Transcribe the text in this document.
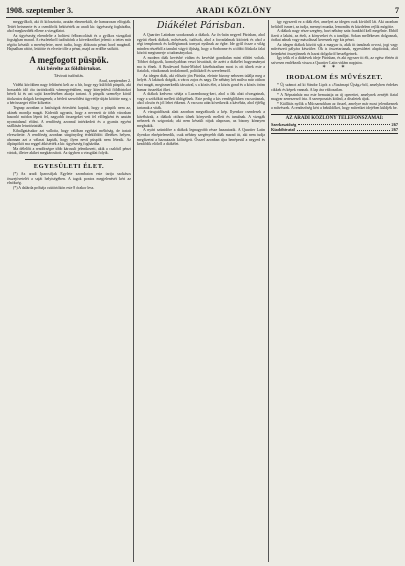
1908. szeptember 3.	ARADI KÖZLÖNY	7

meggyilkolt, aki őt kifosztotta, azután elmenekült, de hamarosan elfogták. Tettét beismerte és a csendőrök bekísérték az aradi kir. ügyészség fogházába, ahol megkezdték ellene a vizsgálatot.

Az ügyészség elrendelte a holttest felboncolását és a gyilkos vizsgálati fogságban marad. A részletekről tudósítónk a következőket jelenti: a tettes már régóta készült a merényletre, mert tudta, hogy áldozata pénzt hord magánál. Hajnalban rátört, leütötte és elvette tőle a pénzt, majd az erdőbe szökött.

A megfogott püspök.
Aki bérelte az földbirtokot.
Távirati tudósítás.
Arad, szeptember 2.

Vidéki körökben nagy feltűnést kelt az a hír, hogy egy külföldi püspök, aki hosszabb idő óta tartózkodik vármegyénkben, nagy kiterjedésű földbirtokot bérelt ki és azt saját kezelésében akarja tartani. A püspök személye körül titokzatos dolgok keringenek; a bérleti szerződést ügyvédje útján kötötte meg, s a bérösszeget előre kifizette.

Tegnap azonban a hatóságok értesítést kaptak, hogy a püspök nem az, akinek mondja magát. Kiderült ugyanis, hogy a nevezett úr több városban hasonló módon lépett fel, nagyobb összegeket vett fel előlegként és azután nyomtalanul eltűnt. A rendőrség azonnal intézkedett és a gyanús egyént szállásán letartóztatták.

Kihallgatásakor azt vallotta, hogy valóban egyházi méltóság, de iratait elveszítette. A rendőrség azonban sürgönyileg érdeklődött illetékes helyen, ahonnan azt a választ kapták, hogy ilyen nevű püspök nem létezik. Az álpüspököt ma reggel átkísérték a kir. ügyészség fogházába.

Ma délelőtt a rendőrségre több károsult jelentkezett, akik a csalótól pénzt vártak, illetve akiket megkárosított. Az ügyben a vizsgálat folyik.

EGYESÜLETI ÉLET.

(*) Az aradi Iparosifjak Egylete szombaton este tartja szokásos összejövetelét a saját helyiségében. A tagok pontos megjelenését kéri az elnökség.

(*) A dalárda próbája csütörtökön este 8 órakor lesz.

Diákélet Párisban.

A Quartier Latinban sorakoznak a diákok. Az ős-latin negyed Párisban, ahol együtt élnek diákok, művészek, tudósok, ahol a forradalmak kitörtek és ahol a régi templomok és kollégiumok tornyai nyúlnak az égbe. Ide gyűl össze a világ minden részéből a tanulni vágyó ifjúság, hogy a Sorbonne és a többi főiskola falai között megismerje a tudományokat.

A modern diák kevésbé vidám és kevésbé gondtalan mint elődei voltak. Többet dolgozik, komolyabban veszi hivatását, de azért a diákélet hagyományai ma is élnek. A Boulevard Saint-Michel kávéházaiban most is ott ülnek este a fiatalok, vitatkoznak irodalomról, politikáról és szerelemről.

Az idegen diák, aki először jön Párisba, eleinte bizony nehezen találja meg a helyét. A lakások drágák, a város zajos és nagy. De néhány hét múlva már otthon érzi magát, megismerkedik társaival, s a közös élet, a közös gond és a közös öröm hamar összefűzi őket.

A diákok kedvenc sétája a Luxembourg-kert, ahol a fák alatt olvasgatnak, vagy a szökőkút mellett üldögélnek. Este pedig a kis vendéglőkben vacsoráznak, ahol olcsón és jól lehet étkezni. A vacsora után következik a kávéház, ahol éjfélig tartanak a viták.

A vizsgaidőszak alatt azonban megváltozik a kép. Ilyenkor csendesek a kávéházak, a diákok otthon ülnek könyveik mellett és tanulnak. A vizsgák nehezek és szigorúak; aki nem készült rájuk alaposan, az bizony könnyen megbukik.

A nyári szünidőre a diákok legnagyobb része hazautazik. A Quartier Latin ilyenkor elnéptelenedik, csak néhány szegényebb diák marad itt, aki nem tudja megfizetni a hazautazás költségeit. Ősszel azonban újra benépesül a negyed és kezdődik elölről a diákélet.

így egyszerű ez a diák élet, amelyet az idegen csak kívülről lát. Aki azonban belülről ismeri, az tudja, mennyi munka, lemondás és küzdelem rejlik mögötte.

A diákok nagy része szegény, havi néhány száz frankból kell megélnie. Ebből fizeti a lakást, az ételt, a könyveket és a tandíjat. Sokan mellékesen dolgoznak, órákat adnak vagy másolással keresnek egy kis pénzt.

Az idegen diákok között sok a magyar is, akik itt tanulnak orvosi, jogi vagy művészeti pályára készülve. Ők is összetartanak, egyesületet alapítottak, ahol hetenként összejönnek és hazai dolgokról beszélgetnek.

Így telik el a diákévek ideje Párisban, és aki egyszer itt élt, az egész életén át szívesen emlékezik vissza a Quartier Latin vidám napjaira.

✶ ✶ ✶
IRODALOM ÉS MŰVÉSZET.

* Új számot ad ki Sándor Lipót a »Vasárnapi Újság«-ból, amelyben érdekes cikkek és képek vannak. A lap ára változatlan.

* A Népszínház ma este bemutatja az új operettet, amelynek zenéjét fiatal magyar zeneszerző írta. A szereposztás kitűnő, a díszletek újak.

* Kiállítás nyílik a Műcsarnokban az ősszel, amelyre már most jelentkeznek a művészek. A rendezőség kéri a beküldőket, hogy műveiket idejében küldjék be.

AZ ARADI KÖZLÖNY TELEFONSZÁMAI:
Szerkesztőség	267
Kiadóhivatal	267
